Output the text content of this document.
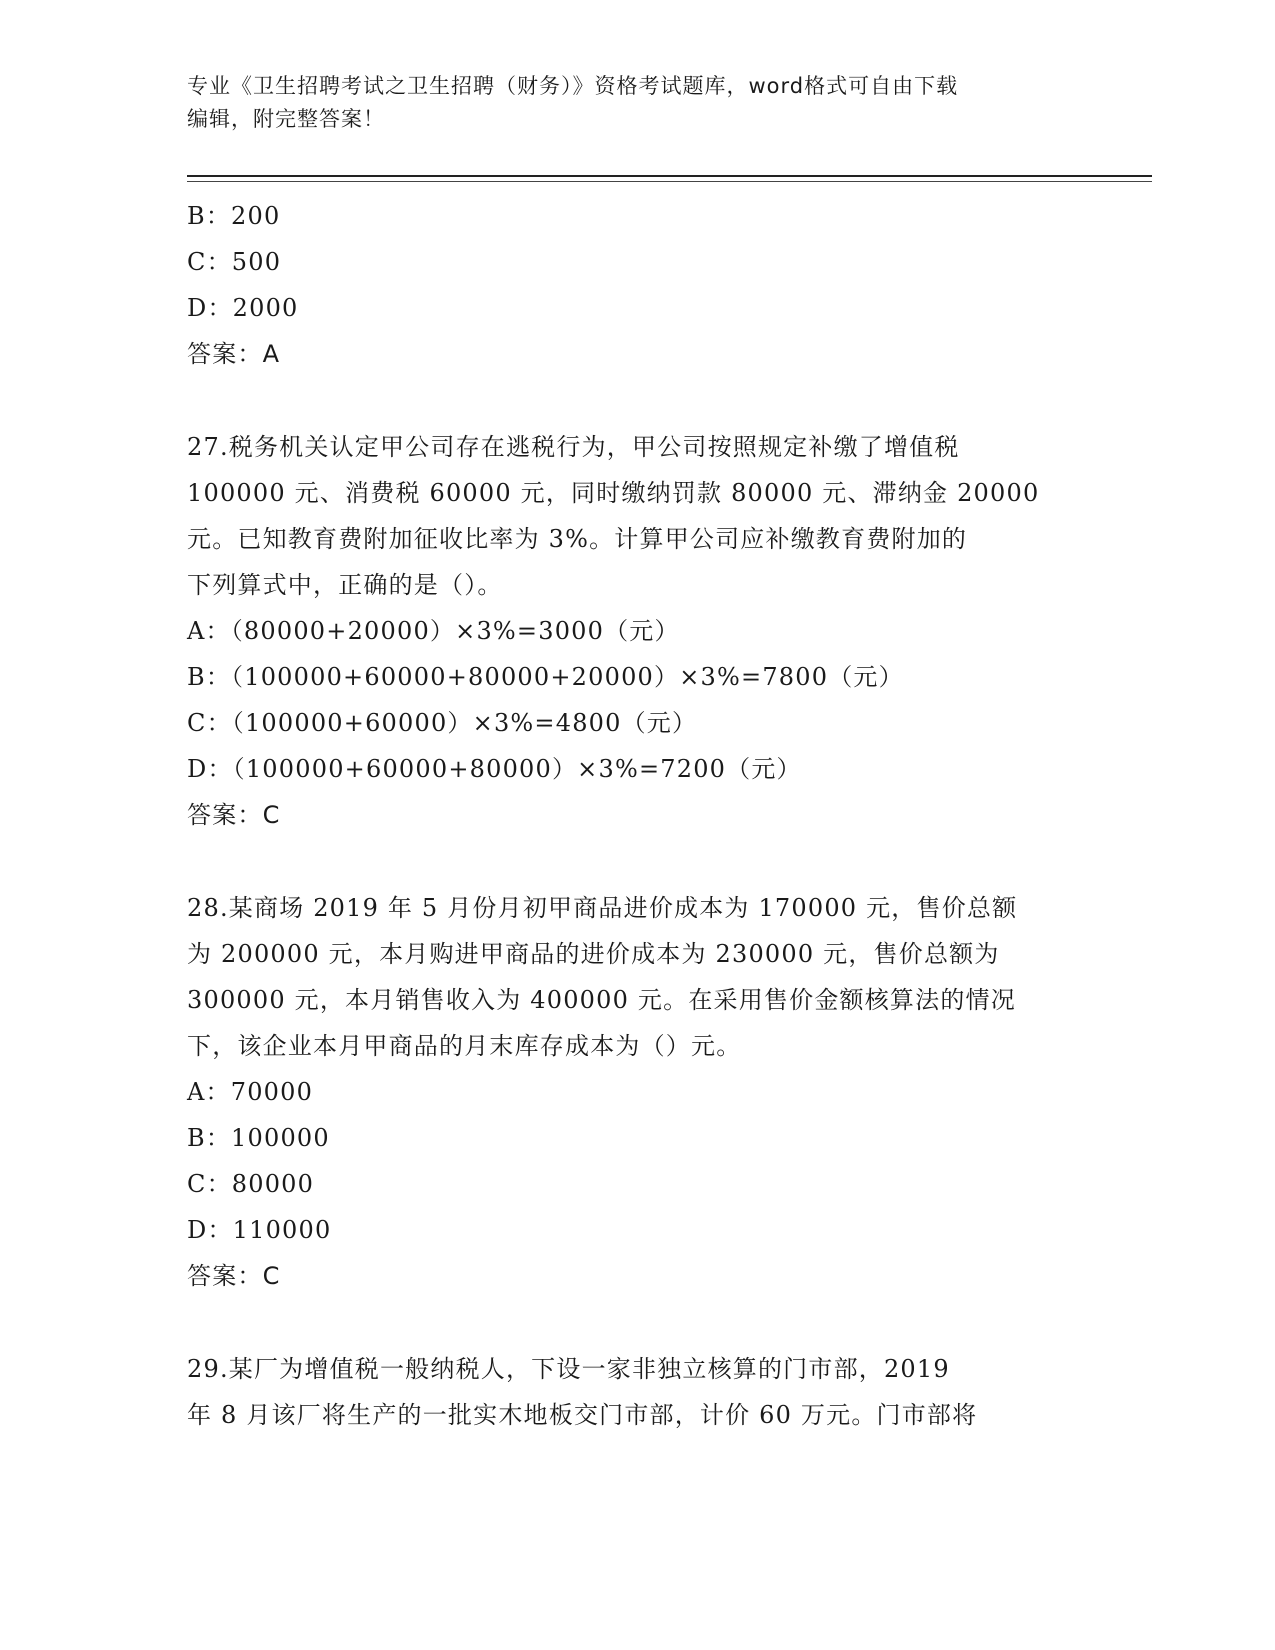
专业《卫生招聘考试之卫生招聘（财务）》资格考试题库，word格式可自由下载
编辑，附完整答案！
B：200
C：500
D：2000
答案：A
27.税务机关认定甲公司存在逃税行为，甲公司按照规定补缴了增值税
100000 元、消费税 60000 元，同时缴纳罚款 80000 元、滞纳金 20000
元。已知教育费附加征收比率为 3%。计算甲公司应补缴教育费附加的
下列算式中，正确的是（）。
A：（80000+20000）×3%=3000（元）
B：（100000+60000+80000+20000）×3%=7800（元）
C：（100000+60000）×3%=4800（元）
D：（100000+60000+80000）×3%=7200（元）
答案：C
28.某商场 2019 年 5 月份月初甲商品进价成本为 170000 元，售价总额
为 200000 元，本月购进甲商品的进价成本为 230000 元，售价总额为
300000 元，本月销售收入为 400000 元。在采用售价金额核算法的情况
下，该企业本月甲商品的月末库存成本为（）元。
A：70000
B：100000
C：80000
D：110000
答案：C
29.某厂为增值税一般纳税人，下设一家非独立核算的门市部，2019
年 8 月该厂将生产的一批实木地板交门市部，计价 60 万元。门市部将
